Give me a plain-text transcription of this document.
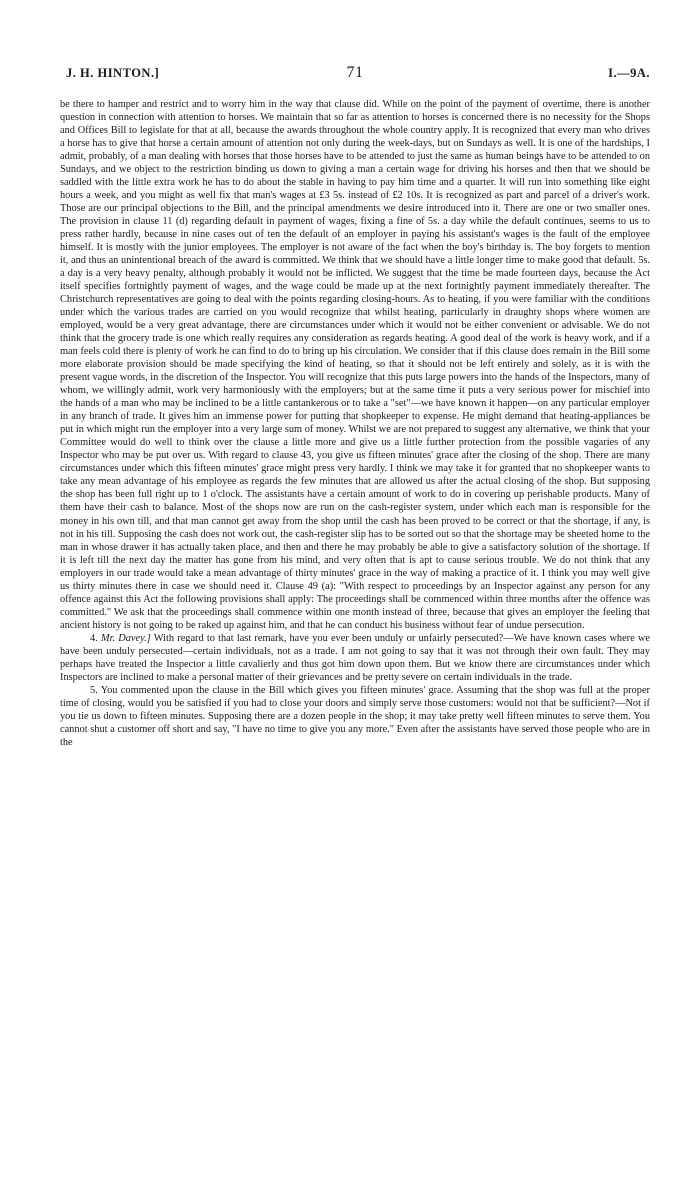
J. H. HINTON.]	71	I.—9A.

be there to hamper and restrict and to worry him in the way that clause did. While on the point of the payment of overtime, there is another question in connection with attention to horses. We maintain that so far as attention to horses is concerned there is no necessity for the Shops and Offices Bill to legislate for that at all, because the awards throughout the whole country apply. It is recognized that every man who drives a horse has to give that horse a certain amount of attention not only during the week-days, but on Sundays as well. It is one of the hardships, I admit, probably, of a man dealing with horses that those horses have to be attended to just the same as human beings have to be attended to on Sundays, and we object to the restriction binding us down to giving a man a certain wage for driving his horses and then that we should be saddled with the little extra work he has to do about the stable in having to pay him time and a quarter. It will run into something like eight hours a week, and you might as well fix that man's wages at £3 5s. instead of £2 10s. It is recognized as part and parcel of a driver's work. Those are our principal objections to the Bill, and the principal amendments we desire introduced into it. There are one or two smaller ones. The provision in clause 11 (d) regarding default in payment of wages, fixing a fine of 5s. a day while the default continues, seems to us to press rather hardly, because in nine cases out of ten the default of an employer in paying his assistant's wages is the fault of the employee himself. It is mostly with the junior employees. The employer is not aware of the fact when the boy's birthday is. The boy forgets to mention it, and thus an unintentional breach of the award is committed. We think that we should have a little longer time to make good that default. 5s. a day is a very heavy penalty, although probably it would not be inflicted. We suggest that the time be made fourteen days, because the Act itself specifies fortnightly payment of wages, and the wage could be made up at the next fortnightly payment immediately thereafter. The Christchurch representatives are going to deal with the points regarding closing-hours. As to heating, if you were familiar with the conditions under which the various trades are carried on you would recognize that whilst heating, particularly in draughty shops where women are employed, would be a very great advantage, there are circumstances under which it would not be either convenient or advisable. We do not think that the grocery trade is one which really requires any consideration as regards heating. A good deal of the work is heavy work, and if a man feels cold there is plenty of work he can find to do to bring up his circulation. We consider that if this clause does remain in the Bill some more elaborate provision should be made specifying the kind of heating, so that it should not be left entirely and solely, as it is with the present vague words, in the discretion of the Inspector. You will recognize that this puts large powers into the hands of the Inspectors, many of whom, we willingly admit, work very harmoniously with the employers; but at the same time it puts a very serious power for mischief into the hands of a man who may be inclined to be a little cantankerous or to take a "set"—we have known it happen—on any particular employer in any branch of trade. It gives him an immense power for putting that shopkeeper to expense. He might demand that heating-appliances be put in which might run the employer into a very large sum of money. Whilst we are not prepared to suggest any alternative, we think that your Committee would do well to think over the clause a little more and give us a little further protection from the possible vagaries of any Inspector who may be put over us. With regard to clause 43, you give us fifteen minutes' grace after the closing of the shop. There are many circumstances under which this fifteen minutes' grace might press very hardly. I think we may take it for granted that no shopkeeper wants to take any mean advantage of his employee as regards the few minutes that are allowed us after the actual closing of the shop. But supposing the shop has been full right up to 1 o'clock. The assistants have a certain amount of work to do in covering up perishable products. Many of them have their cash to balance. Most of the shops now are run on the cash-register system, under which each man is responsible for the money in his own till, and that man cannot get away from the shop until the cash has been proved to be correct or that the shortage, if any, is not in his till. Supposing the cash does not work out, the cash-register slip has to be sorted out so that the shortage may be sheeted home to the man in whose drawer it has actually taken place, and then and there he may probably be able to give a satisfactory solution of the shortage. If it is left till the next day the matter has gone from his mind, and very often that is apt to cause serious trouble. We do not think that any employers in our trade would take a mean advantage of thirty minutes' grace in the way of making a practice of it. I think you may well give us thirty minutes there in case we should need it. Clause 49 (a): "With respect to proceedings by an Inspector against any person for any offence against this Act the following provisions shall apply: The proceedings shall be commenced within three months after the offence was committed." We ask that the proceedings shall commence within one month instead of three, because that gives an employer the feeling that ancient history is not going to be raked up against him, and that he can conduct his business without fear of undue persecution.

4. Mr. Davey.] With regard to that last remark, have you ever been unduly or unfairly persecuted?—We have known cases where we have been unduly persecuted—certain individuals, not as a trade. I am not going to say that it was not through their own fault. They may perhaps have treated the Inspector a little cavalierly and thus got him down upon them. But we know there are circumstances under which Inspectors are inclined to make a personal matter of their grievances and be pretty severe on certain individuals in the trade.

5. You commented upon the clause in the Bill which gives you fifteen minutes' grace. Assuming that the shop was full at the proper time of closing, would you be satisfied if you had to close your doors and simply serve those customers: would not that be sufficient?—Not if you tie us down to fifteen minutes. Supposing there are a dozen people in the shop; it may take pretty well fifteen minutes to serve them. You cannot shut a customer off short and say, "I have no time to give you any more." Even after the assistants have served those people who are in the
